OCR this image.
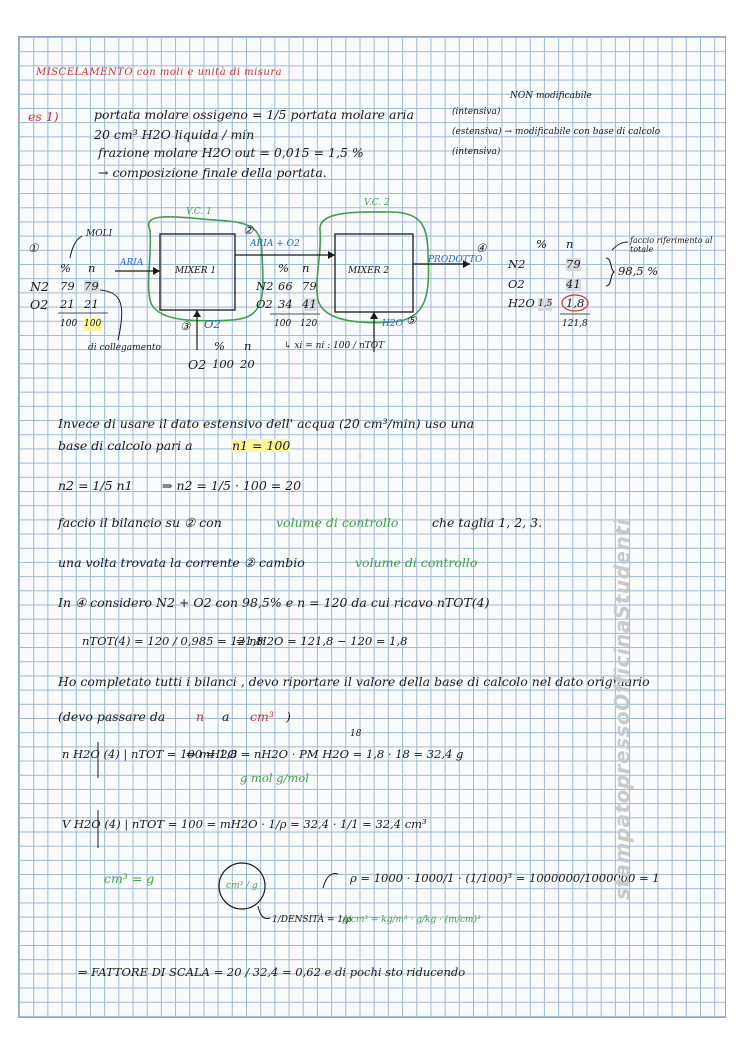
MISCELAMENTO con moli e unità di misura
es 1)	portata molare ossigeno = 1/5 portata molare aria
20 cm³ H2O liquida / min
frazione molare H2O out = 0,015 = 1,5 %
→ composizione finale della portata.
NON modificabile
(intensiva)
(estensiva) → modificabile con base di calcolo
(intensiva)
V.C. 1
V.C. 2
MIXER 1	MIXER 2
①
②
③
④
⑤
ARIA
ARIA + O2
PRODOTTO
O2	H2O
MOLI
di collegamento
% n
N2 79 79
O2 21 21
100 100
% n
N2 66 79
O2 34 41
100 120
↳ xi = ni : 100 / nTOT
% n
O2 100 20
% n
N2	79
O2	41
H2O 1,5 1,8
121,8
98,5 %
faccio riferimento al totale
Invece di usare il dato estensivo dell' acqua (20 cm³/min) uso una
base di calcolo pari a	n1 = 100
n2 = 1/5 n1 ⇒ n2 = 1/5 · 100 = 20
faccio il bilancio su ② con	volume di controllo	che taglia 1, 2, 3.
una volta trovata la corrente ② cambio	volume di controllo
In ④ considero N2 + O2 con 98,5% e n = 120 da cui ricavo nTOT(4)
nTOT(4) = 120 / 0,985 = 121,8
⇒ nH2O = 121,8 − 120 = 1,8
Ho completato tutti i bilanci , devo riportare il valore della base di calcolo nel dato originario
(devo passare da n a cm³ )
n H2O (4) | nTOT = 100 = 1,8
⇒ mH2O = nH2O · PM H2O = 1,8 · 18 = 32,4 g
18
g mol g/mol
V H2O (4) | nTOT = 100 = mH2O · 1/ρ = 32,4 · 1/1 = 32,4 cm³
cm³ = g	cm³ / g
ρ = 1000 · 1000/1 · (1/100)³ = 1000000/1000000 = 1
1/DENSITÀ = 1/ρ
g/cm³ = kg/m³ · g/kg · (m/cm)³
⇒ FATTORE DI SCALA = 20 / 32,4 = 0,62 e di pochi sto riducendo
stampatopressoOfficinaStudenti
